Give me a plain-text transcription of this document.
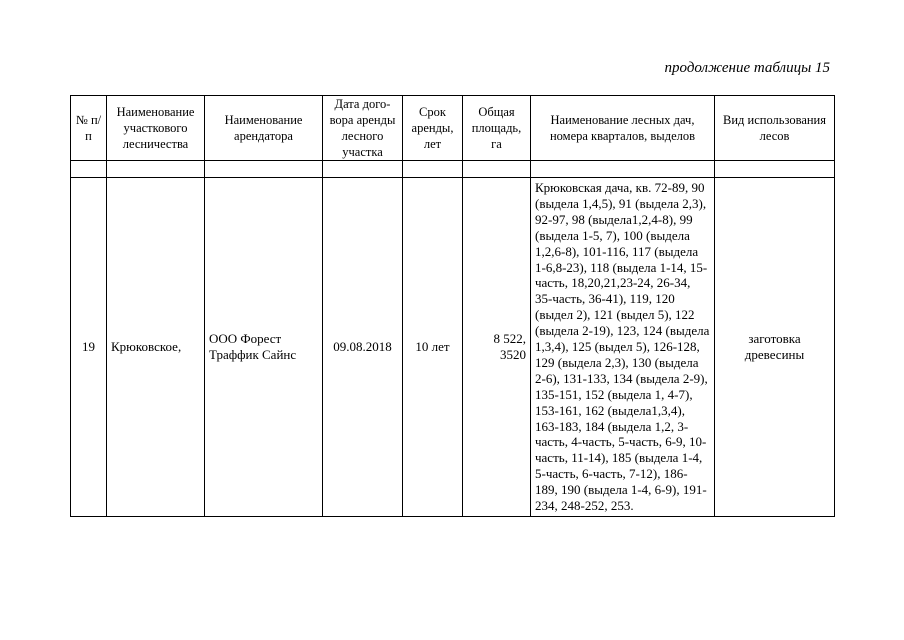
продолжение таблицы 15
№ п/п	Наименование участкового лесничества	Наименование арендатора	Дата дого-вора аренды лесного участка	Срок аренды, лет	Общая площадь, га	Наименование лесных дач, номера кварталов, выделов	Вид использования лесов

19	Крюковское,	ООО Форест Траффик Сайнс	09.08.2018	10 лет	8 522, 3520	Крюковская дача, кв. 72-89, 90 (выдела 1,4,5), 91 (выдела 2,3), 92-97, 98 (выдела1,2,4-8), 99 (выдела 1-5, 7), 100 (выдела 1,2,6-8), 101-116, 117 (выдела 1-6,8-23), 118 (выдела 1-14, 15-часть, 18,20,21,23-24, 26-34, 35-часть, 36-41), 119, 120 (выдел 2), 121 (выдел 5), 122 (выдела 2-19), 123, 124 (выдела 1,3,4), 125 (выдел 5), 126-128, 129 (выдела 2,3), 130 (выдела 2-6), 131-133, 134 (выдела 2-9), 135-151, 152 (выдела 1, 4-7), 153-161, 162 (выдела1,3,4), 163-183, 184 (выдела 1,2, 3-часть, 4-часть, 5-часть, 6-9, 10-часть, 11-14), 185 (выдела 1-4, 5-часть, 6-часть, 7-12), 186-189, 190 (выдела 1-4, 6-9), 191-234, 248-252, 253.	заготовка древесины
